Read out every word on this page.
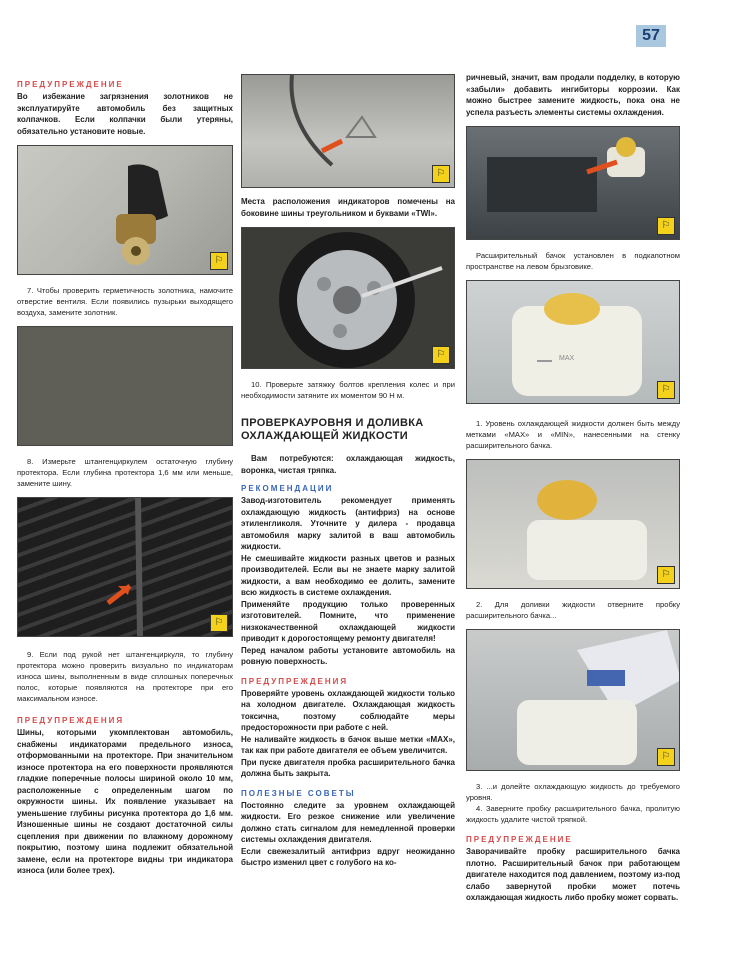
57
ПРЕДУПРЕЖДЕНИЕ

Во избежание загрязнения золотников не эксплуатируйте автомобиль без защитных колпачков. Если колпачки были утеряны, обязательно установите новые.

⚐

7. Чтобы проверить герметичность золотника, намочите отверстие вентиля. Если появились пузырьки выходящего воздуха, замените золотник.

8. Измерьте штангенциркулем остаточную глубину протектора. Если глубина протектора 1,6 мм или меньше, замените шину.

⚐

9. Если под рукой нет штангенциркуля, то глубину протектора можно проверить визуально по индикаторам износа шины, выполненным в виде сплошных поперечных полос, которые появляются на протекторе при его максимальном износе.

ПРЕДУПРЕЖДЕНИЯ

Шины, которыми укомплектован автомобиль, снабжены индикаторами предельного износа, отформованными на протекторе. При значительном износе протектора на его поверхности проявляются гладкие поперечные полосы шириной около 10 мм, расположенные с определенным шагом по окружности шины. Их появление указывает на уменьшение глубины рисунка протектора до 1,6 мм. Изношенные шины не создают достаточной силы сцепления при движении по влажному дорожному покрытию, поэтому шина подлежит обязательной замене, если на протекторе видны три индикатора износа (или более трех).

⚐

Места расположения индикаторов помечены на боковине шины треугольником и буквами «TWI».

⚐

10. Проверьте затяжку болтов крепления колес и при необходимости затяните их моментом 90 Н м.

ПРОВЕРКАУРОВНЯ И ДОЛИВКА ОХЛАЖДАЮЩЕЙ ЖИДКОСТИ

Вам потребуются: охлаждающая жидкость, воронка, чистая тряпка.

РЕКОМЕНДАЦИИ

Завод-изготовитель рекомендует применять охлаждающую жидкость (антифриз) на основе этиленгликоля. Уточните у дилера - продавца автомобиля марку залитой в ваш автомобиль жидкости.

Не смешивайте жидкости разных цветов и разных производителей. Если вы не знаете марку залитой жидкости, а вам необходимо ее долить, замените всю жидкость в системе охлаждения.

Применяйте продукцию только проверенных изготовителей. Помните, что применение низкокачественной охлаждающей жидкости приводит к дорогостоящему ремонту двигателя!

Перед началом работы установите автомобиль на ровную поверхность.

ПРЕДУПРЕЖДЕНИЯ

Проверяйте уровень охлаждающей жидкости только на холодном двигателе. Охлаждающая жидкость токсична, поэтому соблюдайте меры предосторожности при работе с ней.

Не наливайте жидкость в бачок выше метки «MAX», так как при работе двигателя ее объем увеличится.

При пуске двигателя пробка расширительного бачка должна быть закрыта.

ПОЛЕЗНЫЕ СОВЕТЫ

Постоянно следите за уровнем охлаждающей жидкости. Его резкое снижение или увеличение должно стать сигналом для немедленной проверки системы охлаждения двигателя.

Если свежезалитый антифриз вдруг неожиданно быстро изменил цвет с голубого на ко-

ричневый, значит, вам продали подделку, в которую «забыли» добавить ингибиторы коррозии. Как можно быстрее замените жидкость, пока она не успела разъесть элементы системы охлаждения.

⚐

Расширительный бачок установлен в подкапотном пространстве на левом брызговике.

MAX
⚐

1. Уровень охлаждающей жидкости должен быть между метками «MAX» и «MIN», нанесенными на стенку расширительного бачка.

⚐

2. Для доливки жидкости отверните пробку расширительного бачка...

⚐

3. ...и долейте охлаждающую жидкость до требуемого уровня.

4. Заверните пробку расширительного бачка, пролитую жидкость удалите чистой тряпкой.

ПРЕДУПРЕЖДЕНИЕ

Заворачивайте пробку расширительного бачка плотно. Расширительный бачок при работающем двигателе находится под давлением, поэтому из-под слабо завернутой пробки может потечь охлаждающая жидкость либо пробку может сорвать.
